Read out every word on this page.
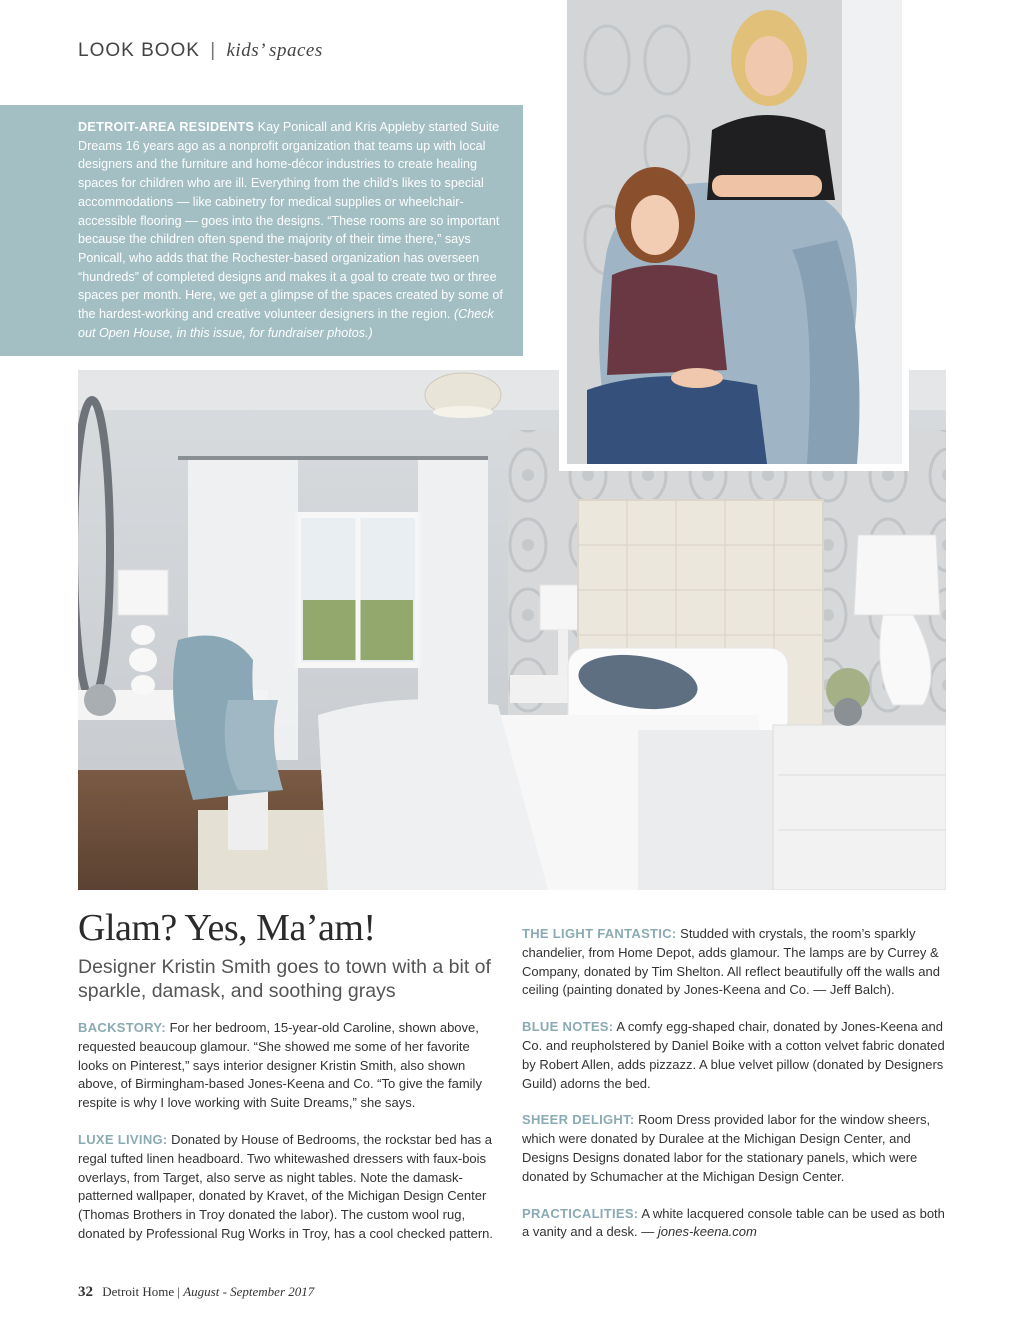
LOOK BOOK | kids’ spaces
DETROIT-AREA RESIDENTS Kay Ponicall and Kris Appleby started Suite Dreams 16 years ago as a nonprofit organization that teams up with local designers and the furniture and home-décor industries to create healing spaces for children who are ill. Everything from the child’s likes to special accommodations — like cabinetry for medical supplies or wheelchair-accessible flooring — goes into the designs. “These rooms are so important because the children often spend the majority of their time there,” says Ponicall, who adds that the Rochester-based organization has overseen “hundreds” of completed designs and makes it a goal to create two or three spaces per month. Here, we get a glimpse of the spaces created by some of the hardest-working and creative volunteer designers in the region. (Check out Open House, in this issue, for fundraiser photos.)
Glam? Yes, Ma’am!
Designer Kristin Smith goes to town with a bit of sparkle, damask, and soothing grays

BACKSTORY: For her bedroom, 15-year-old Caroline, shown above, requested beaucoup glamour. “She showed me some of her favorite looks on Pinterest,” says interior designer Kristin Smith, also shown above, of Birmingham-based Jones-Keena and Co. “To give the family respite is why I love working with Suite Dreams,” she says.

LUXE LIVING: Donated by House of Bedrooms, the rockstar bed has a regal tufted linen headboard. Two whitewashed dressers with faux-bois overlays, from Target, also serve as night tables. Note the damask-patterned wallpaper, donated by Kravet, of the Michigan Design Center (Thomas Brothers in Troy donated the labor). The custom wool rug, donated by Professional Rug Works in Troy, has a cool checked pattern.

THE LIGHT FANTASTIC: Studded with crystals, the room’s sparkly chandelier, from Home Depot, adds glamour. The lamps are by Currey & Company, donated by Tim Shelton. All reflect beautifully off the walls and ceiling (painting donated by Jones-Keena and Co. — Jeff Balch).

BLUE NOTES: A comfy egg-shaped chair, donated by Jones-Keena and Co. and reupholstered by Daniel Boike with a cotton velvet fabric donated by Robert Allen, adds pizzazz. A blue velvet pillow (donated by Designers Guild) adorns the bed.

SHEER DELIGHT: Room Dress provided labor for the window sheers, which were donated by Duralee at the Michigan Design Center, and Designs Designs donated labor for the stationary panels, which were donated by Schumacher at the Michigan Design Center.

PRACTICALITIES: A white lacquered console table can be used as both a vanity and a desk. — jones-keena.com

32 Detroit Home | August - September 2017
